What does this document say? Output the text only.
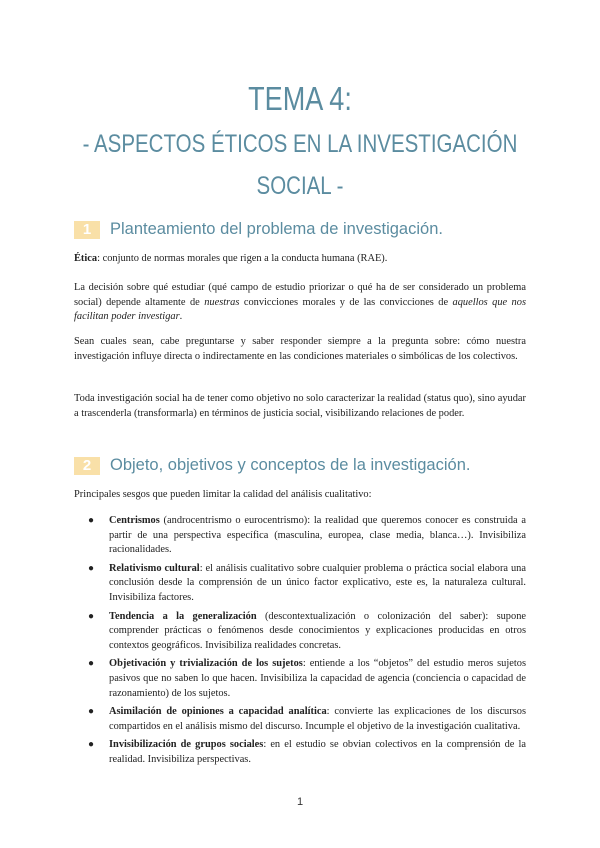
TEMA 4:
- ASPECTOS ÉTICOS EN LA INVESTIGACIÓN
SOCIAL -
1	Planteamiento del problema de investigación.

Ética: conjunto de normas morales que rigen a la conducta humana (RAE).

La decisión sobre qué estudiar (qué campo de estudio priorizar o qué ha de ser considerado un problema social) depende altamente de nuestras convicciones morales y de las convicciones de aquellos que nos facilitan poder investigar.

Sean cuales sean, cabe preguntarse y saber responder siempre a la pregunta sobre: cómo nuestra investigación influye directa o indirectamente en las condiciones materiales o simbólicas de los colectivos.

Toda investigación social ha de tener como objetivo no solo caracterizar la realidad (status quo), sino ayudar a trascenderla (transformarla) en términos de justicia social, visibilizando relaciones de poder.

2	Objeto, objetivos y conceptos de la investigación.

Principales sesgos que pueden limitar la calidad del análisis cualitativo:

● Centrismos (androcentrismo o eurocentrismo): la realidad que queremos conocer es construida a partir de una perspectiva específica (masculina, europea, clase media, blanca…). Invisibiliza racionalidades.
● Relativismo cultural: el análisis cualitativo sobre cualquier problema o práctica social elabora una conclusión desde la comprensión de un único factor explicativo, este es, la naturaleza cultural. Invisibiliza factores.
● Tendencia a la generalización (descontextualización o colonización del saber): supone comprender prácticas o fenómenos desde conocimientos y explicaciones producidas en otros contextos geográficos. Invisibiliza realidades concretas.
● Objetivación y trivialización de los sujetos: entiende a los “objetos” del estudio meros sujetos pasivos que no saben lo que hacen. Invisibiliza la capacidad de agencia (conciencia o capacidad de razonamiento) de los sujetos.
● Asimilación de opiniones a capacidad analítica: convierte las explicaciones de los discursos compartidos en el análisis mismo del discurso. Incumple el objetivo de la investigación cualitativa.
● Invisibilización de grupos sociales: en el estudio se obvian colectivos en la comprensión de la realidad. Invisibiliza perspectivas.
1
